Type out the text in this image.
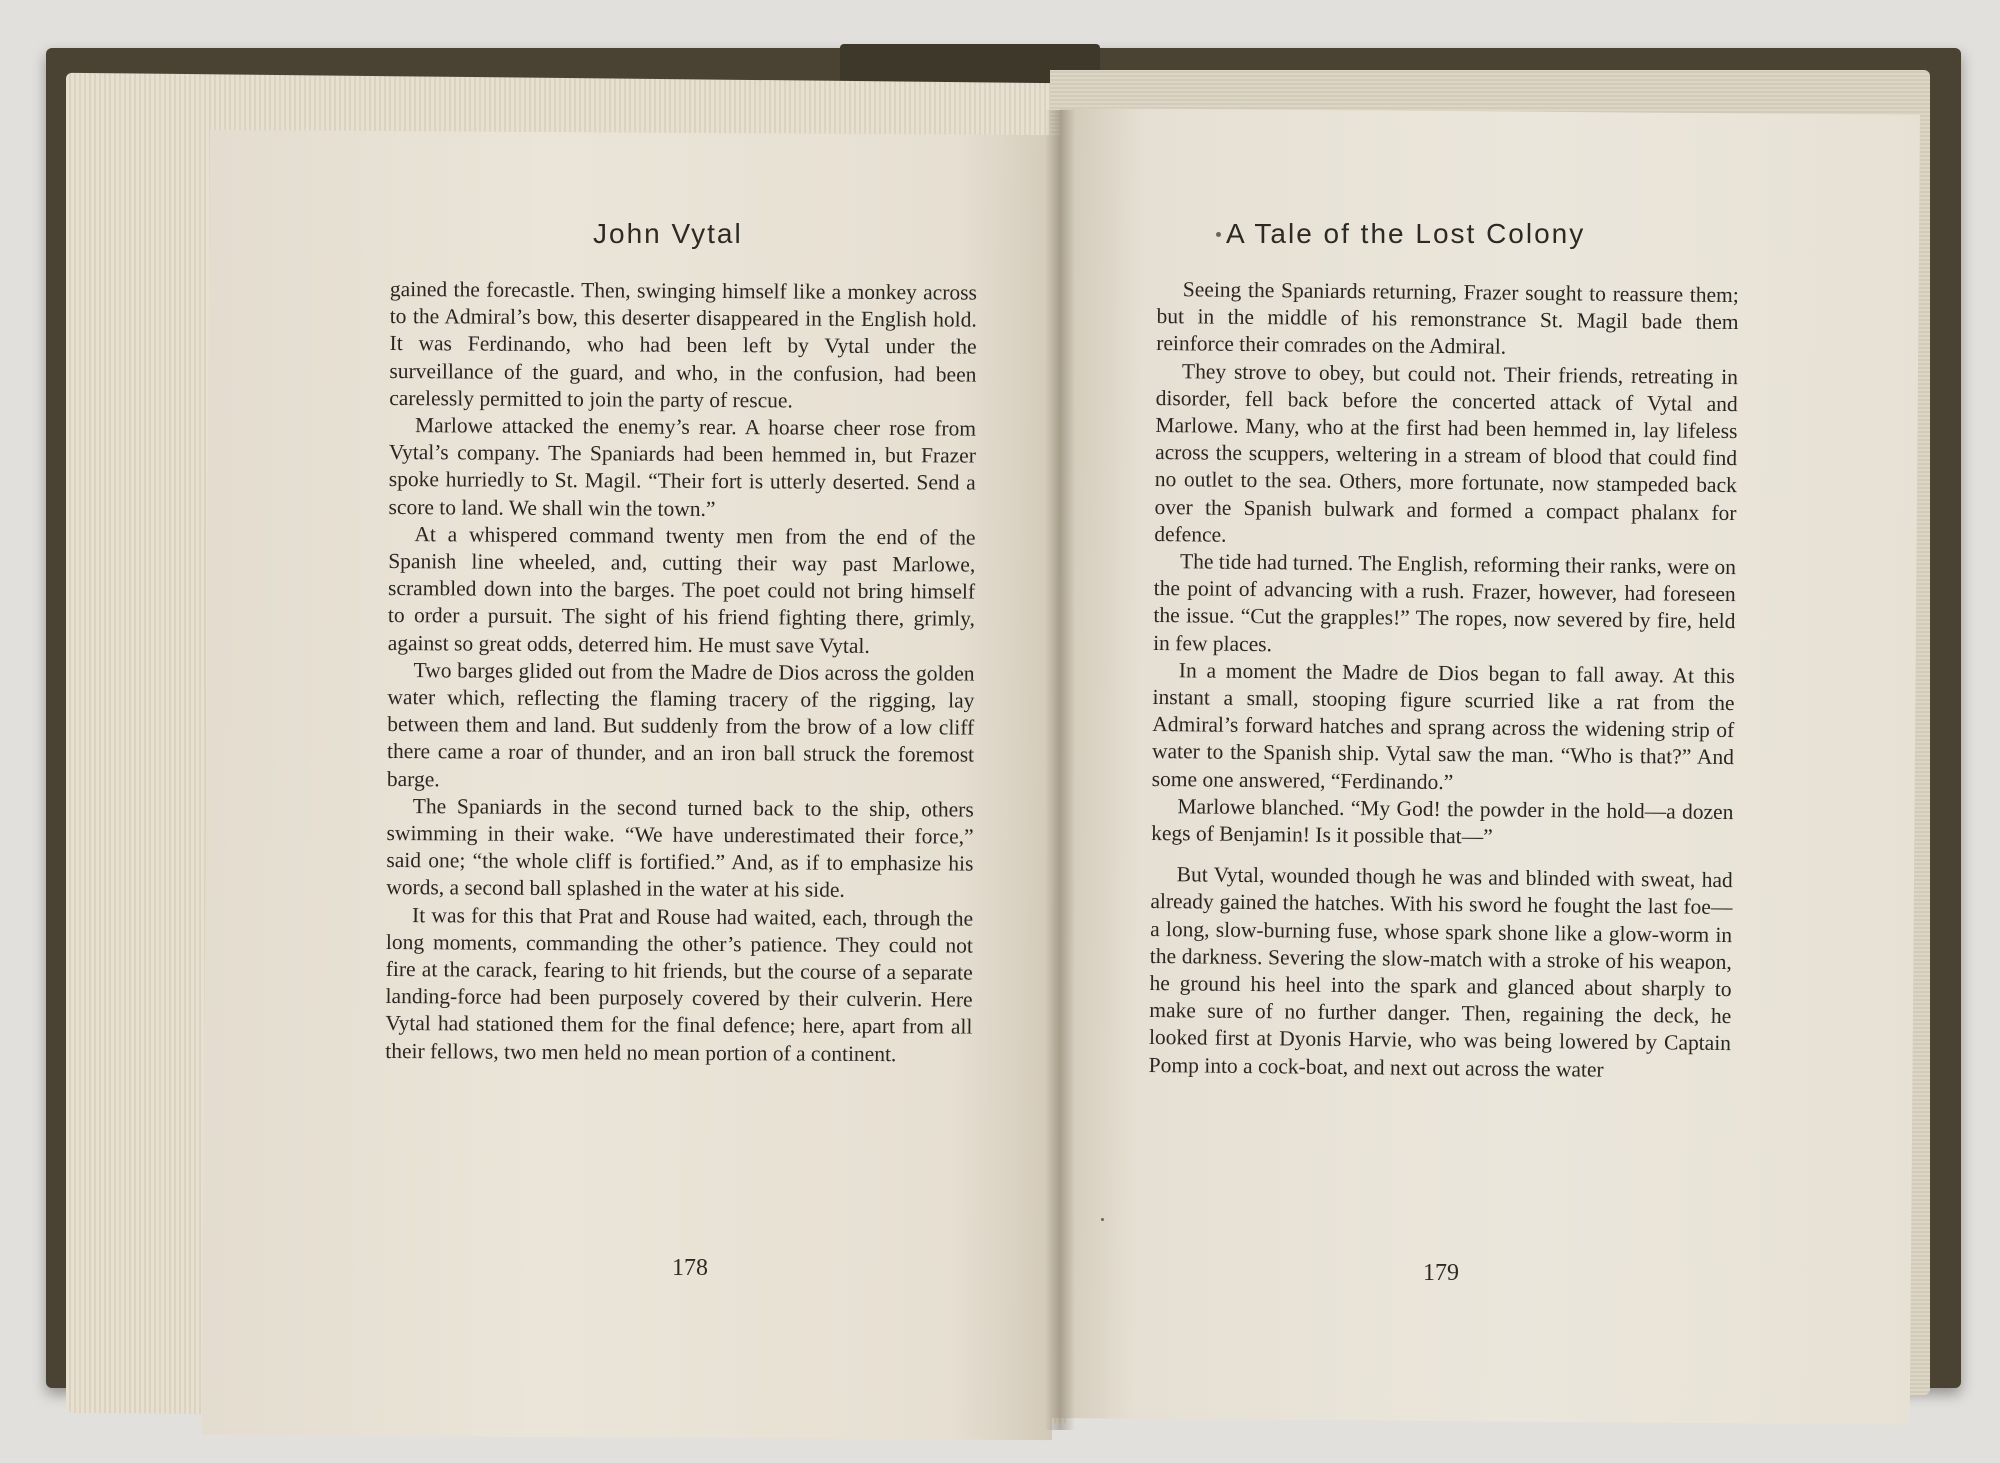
John Vytal	A Tale of the Lost Colony

gained the forecastle. Then, swinging himself like a monkey across to the Admiral’s bow, this deserter disappeared in the English hold. It was Ferdinando, who had been left by Vytal under the surveillance of the guard, and who, in the confusion, had been carelessly permitted to join the party of rescue.

Marlowe attacked the enemy’s rear. A hoarse cheer rose from Vytal’s company. The Spaniards had been hemmed in, but Frazer spoke hurriedly to St. Magil. “Their fort is utterly deserted. Send a score to land. We shall win the town.”

At a whispered command twenty men from the end of the Spanish line wheeled, and, cutting their way past Marlowe, scrambled down into the barges. The poet could not bring himself to order a pursuit. The sight of his friend fighting there, grimly, against so great odds, deterred him. He must save Vytal.

Two barges glided out from the Madre de Dios across the golden water which, reflecting the flaming tracery of the rigging, lay between them and land. But suddenly from the brow of a low cliff there came a roar of thunder, and an iron ball struck the foremost barge.

The Spaniards in the second turned back to the ship, others swimming in their wake. “We have underestimated their force,” said one; “the whole cliff is fortified.” And, as if to emphasize his words, a second ball splashed in the water at his side.

It was for this that Prat and Rouse had waited, each, through the long moments, commanding the other’s patience. They could not fire at the carack, fearing to hit friends, but the course of a separate landing-force had been purposely covered by their culverin. Here Vytal had stationed them for the final defence; here, apart from all their fellows, two men held no mean portion of a continent.

Seeing the Spaniards returning, Frazer sought to reassure them; but in the middle of his remonstrance St. Magil bade them reinforce their comrades on the Admiral.

They strove to obey, but could not. Their friends, retreating in disorder, fell back before the concerted attack of Vytal and Marlowe. Many, who at the first had been hemmed in, lay lifeless across the scuppers, weltering in a stream of blood that could find no outlet to the sea. Others, more fortunate, now stampeded back over the Spanish bulwark and formed a compact phalanx for defence.

The tide had turned. The English, reforming their ranks, were on the point of advancing with a rush. Frazer, however, had foreseen the issue. “Cut the grapples!” The ropes, now severed by fire, held in few places.

In a moment the Madre de Dios began to fall away. At this instant a small, stooping figure scurried like a rat from the Admiral’s forward hatches and sprang across the widening strip of water to the Spanish ship. Vytal saw the man. “Who is that?” And some one answered, “Ferdinando.”

Marlowe blanched. “My God! the powder in the hold—a dozen kegs of Benjamin! Is it possible that—”

But Vytal, wounded though he was and blinded with sweat, had already gained the hatches. With his sword he fought the last foe—a long, slow-burning fuse, whose spark shone like a glow-worm in the darkness. Severing the slow-match with a stroke of his weapon, he ground his heel into the spark and glanced about sharply to make sure of no further danger. Then, regaining the deck, he looked first at Dyonis Harvie, who was being lowered by Captain Pomp into a cock-boat, and next out across the water

178	179
